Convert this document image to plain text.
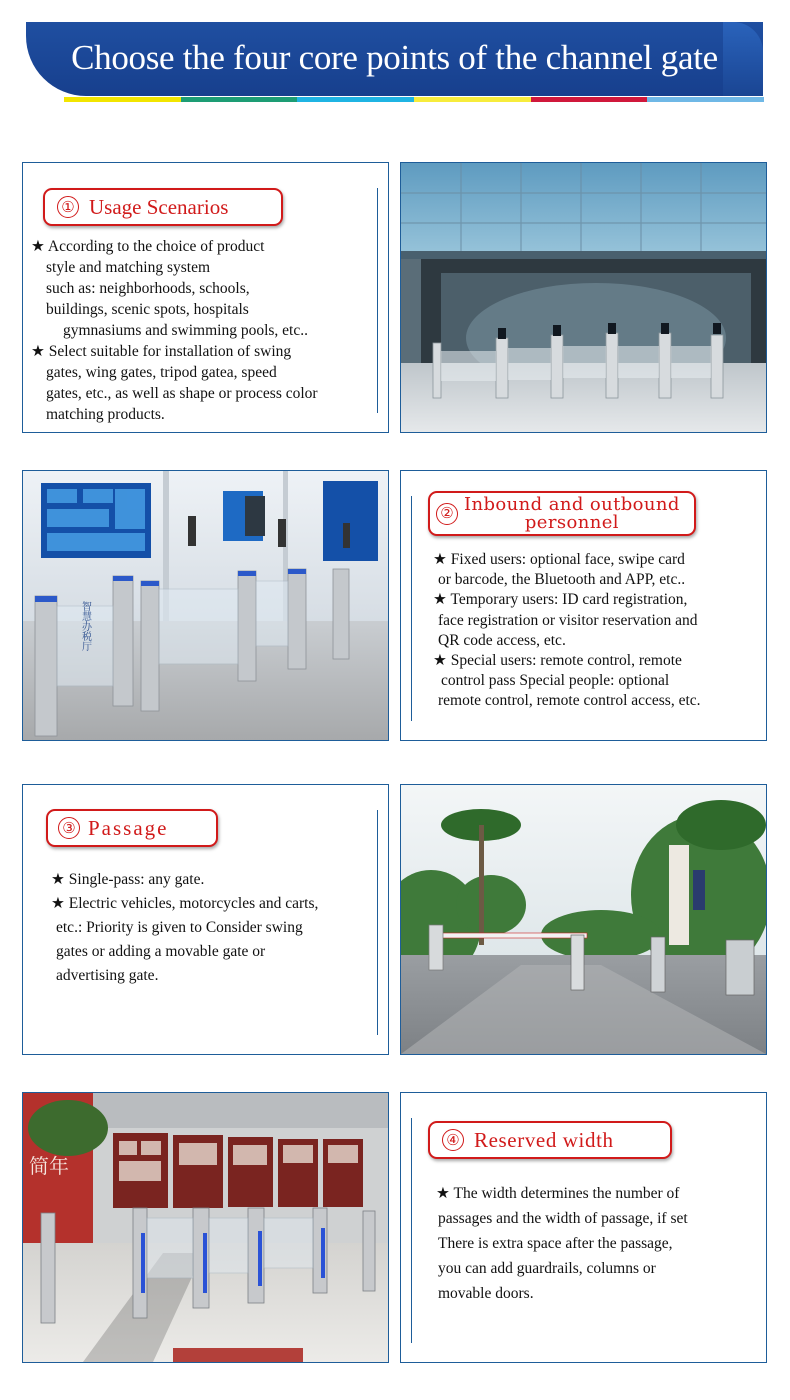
Choose the four core points of the channel gate
① Usage Scenarios

★ According to the choice of product

style and matching system

such as: neighborhoods, schools,

buildings, scenic spots, hospitals

gymnasiums and swimming pools, etc..

★ Select suitable for installation of swing

gates, wing gates, tripod gatea, speed

gates, etc., as well as shape or process color

matching products.

智慧办税厅
② Inbound and outbound
personnel

★ Fixed users: optional face, swipe card

or barcode, the Bluetooth and APP, etc..

★ Temporary users: ID card registration,

face registration or visitor reservation and

QR code access, etc.

★ Special users: remote control, remote

control pass Special people: optional

remote control, remote control access, etc.

③ Passage

★ Single-pass: any gate.

★ Electric vehicles, motorcycles and carts,

etc.: Priority is given to Consider swing

gates or adding a movable gate or

advertising gate.

简年
④ Reserved width

★ The width determines the number of

passages and the width of passage, if set

There is extra space after the passage,

you can add guardrails, columns or

movable doors.
